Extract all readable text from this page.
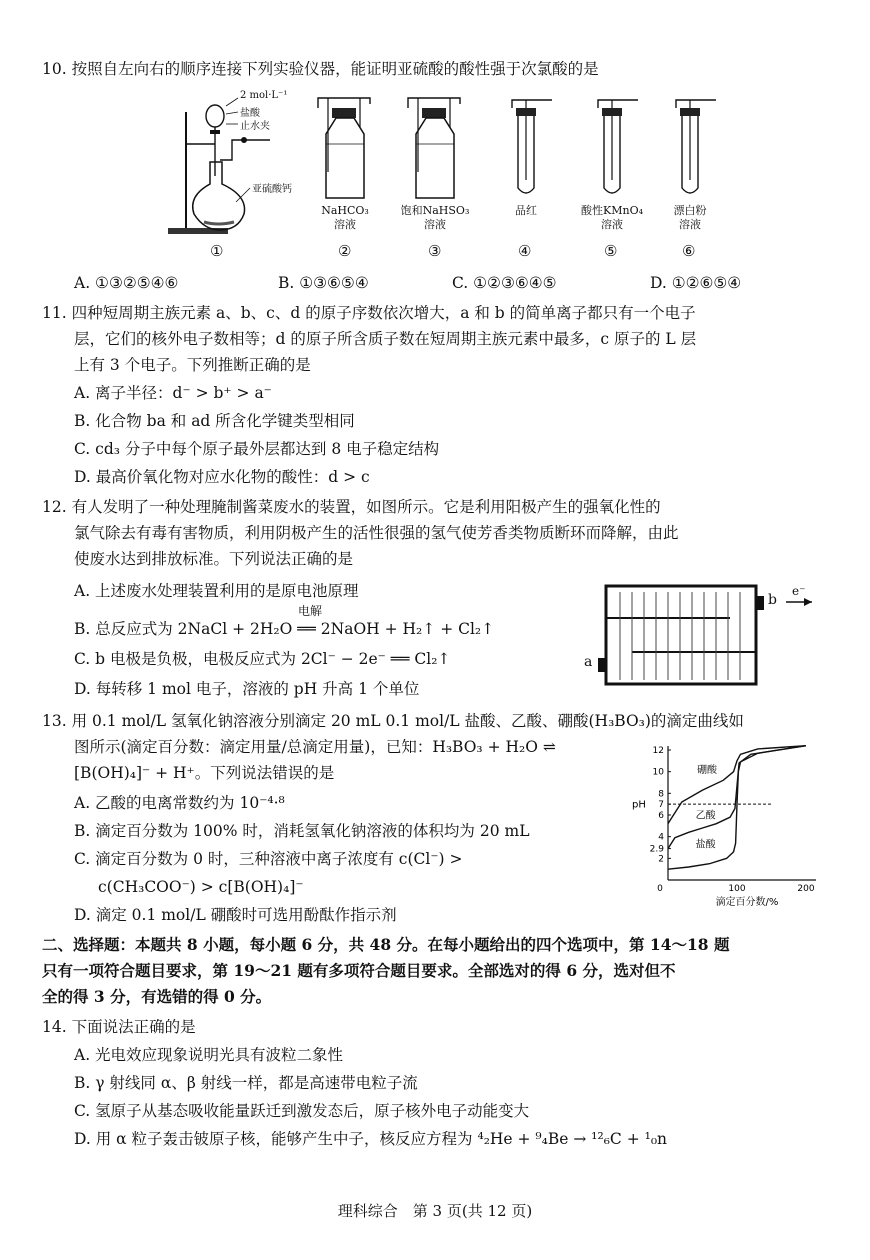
10. 按照自左向右的顺序连接下列实验仪器，能证明亚硫酸的酸性强于次氯酸的是
2 mol·L⁻¹
盐酸
止水夹
亚硫酸钙
NaHCO₃
溶液
饱和NaHSO₃
溶液
品红	酸性KMnO₄
溶液
漂白粉
溶液
①	②	③	④	⑤	⑥
A. ①③②⑤④⑥	B. ①③⑥⑤④	C. ①②③⑥④⑤	D. ①②⑥⑤④
11. 四种短周期主族元素 a、b、c、d 的原子序数依次增大，a 和 b 的简单离子都只有一个电子
层，它们的核外电子数相等；d 的原子所含质子数在短周期主族元素中最多，c 原子的 L 层
上有 3 个电子。下列推断正确的是
A. 离子半径：d⁻ > b⁺ > a⁻
B. 化合物 ba 和 ad 所含化学键类型相同
C. cd₃ 分子中每个原子最外层都达到 8 电子稳定结构
D. 最高价氧化物对应水化物的酸性：d > c
12. 有人发明了一种处理腌制酱菜废水的装置，如图所示。它是利用阳极产生的强氧化性的
氯气除去有毒有害物质，利用阴极产生的活性很强的氢气使芳香类物质断环而降解，由此
使废水达到排放标准。下列说法正确的是
A. 上述废水处理装置利用的是原电池原理
电解
B. 总反应式为 2NaCl + 2H₂O ══ 2NaOH + H₂↑ + Cl₂↑
C. b 电极是负极，电极反应式为 2Cl⁻ − 2e⁻ ══ Cl₂↑
D. 每转移 1 mol 电子，溶液的 pH 升高 1 个单位
b
a
e⁻
13. 用 0.1 mol/L 氢氧化钠溶液分别滴定 20 mL 0.1 mol/L 盐酸、乙酸、硼酸(H₃BO₃)的滴定曲线如
图所示(滴定百分数：滴定用量/总滴定用量)，已知：H₃BO₃ + H₂O ⇌
[B(OH)₄]⁻ + H⁺。下列说法错误的是
A. 乙酸的电离常数约为 10⁻⁴·⁸
B. 滴定百分数为 100% 时，消耗氢氧化钠溶液的体积均为 20 mL
C. 滴定百分数为 0 时，三种溶液中离子浓度有 c(Cl⁻) >
c(CH₃COO⁻) > c[B(OH)₄]⁻
D. 滴定 0.1 mol/L 硼酸时可选用酚酞作指示剂
2
2.9
4
6
7
8
10
12
100	200
0
pH
滴定百分数/%
硼酸
乙酸
盐酸
二、选择题：本题共 8 小题，每小题 6 分，共 48 分。在每小题给出的四个选项中，第 14～18 题
只有一项符合题目要求，第 19～21 题有多项符合题目要求。全部选对的得 6 分，选对但不
全的得 3 分，有选错的得 0 分。
14. 下面说法正确的是
A. 光电效应现象说明光具有波粒二象性
B. γ 射线同 α、β 射线一样，都是高速带电粒子流
C. 氢原子从基态吸收能量跃迁到激发态后，原子核外电子动能变大
D. 用 α 粒子轰击铍原子核，能够产生中子，核反应方程为 ⁴₂He + ⁹₄Be → ¹²₆C + ¹₀n
理科综合　第 3 页(共 12 页)
